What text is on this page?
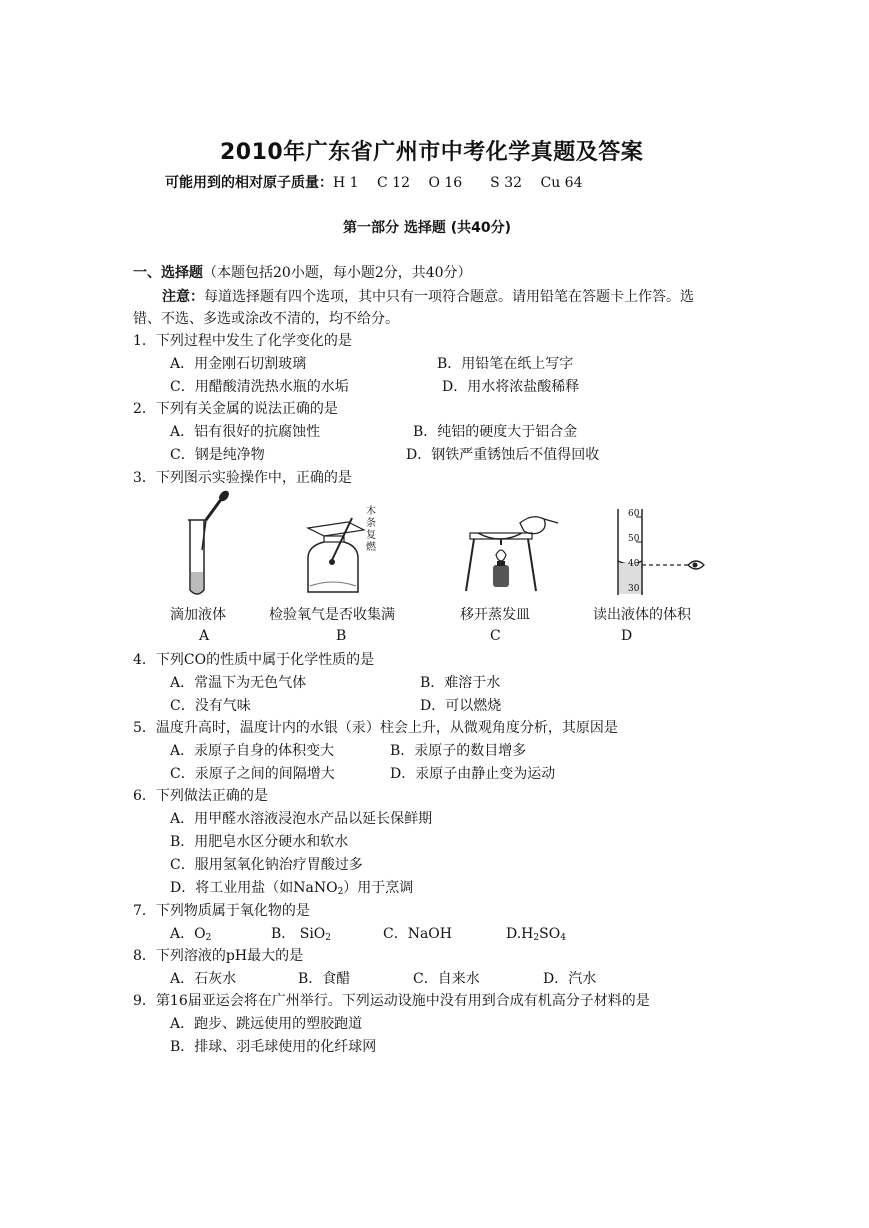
2010年广东省广州市中考化学真题及答案
可能用到的相对原子质量：H 1　 C 12　 O 16　　S 32　 Cu 64
第一部分 选择题 (共40分)
一、选择题（本题包括20小题，每小题2分，共40分）
注意：每道选择题有四个选项，其中只有一项符合题意。请用铅笔在答题卡上作答。选
错、不选、多选或涂改不清的，均不给分。
1．下列过程中发生了化学变化的是
A．用金刚石切割玻璃	B．用铅笔在纸上写字
C．用醋酸清洗热水瓶的水垢	D．用水将浓盐酸稀释
2．下列有关金属的说法正确的是
A．铝有很好的抗腐蚀性	B．纯铝的硬度大于铝合金
C．钢是纯净物	D．钢铁严重锈蚀后不值得回收
3．下列图示实验操作中，正确的是
滴加液体
A
木条复燃
检验氧气是否收集满
B
移开蒸发皿
C
60
50
40
30
读出液体的体积
D
4．下列CO的性质中属于化学性质的是
A．常温下为无色气体	B．难溶于水
C．没有气味	D．可以燃烧
5．温度升高时，温度计内的水银（汞）柱会上升，从微观角度分析，其原因是
A．汞原子自身的体积变大	B．汞原子的数目增多
C．汞原子之间的间隔增大	D．汞原子由静止变为运动
6．下列做法正确的是
A．用甲醛水溶液浸泡水产品以延长保鲜期
B．用肥皂水区分硬水和软水
C．服用氢氧化钠治疗胃酸过多
D．将工业用盐（如NaNO$_2$）用于烹调
7．下列物质属于氧化物的是
A．$O_2$	B． SiO$_2$	C．NaOH	$D.H_2SO_4$
8．下列溶液的pH最大的是
A．石灰水	B．食醋	C．自来水	D．汽水
9．第16届亚运会将在广州举行。下列运动设施中没有用到合成有机高分子材料的是
A．跑步、跳远使用的塑胶跑道
B．排球、羽毛球使用的化纤球网
